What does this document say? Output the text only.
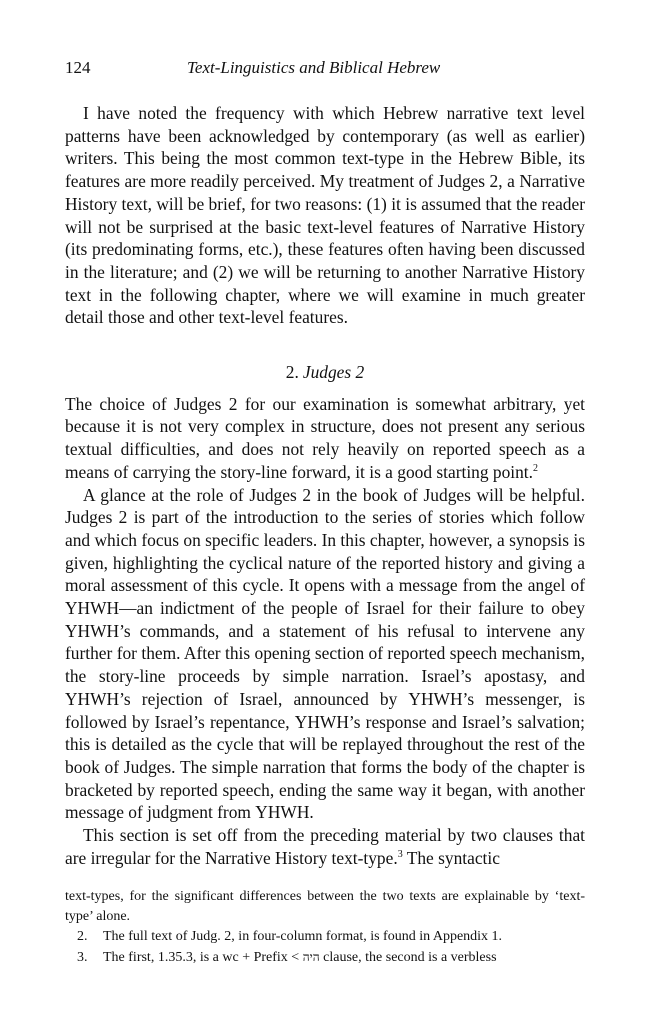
124	Text-Linguistics and Biblical Hebrew

I have noted the frequency with which Hebrew narrative text level patterns have been acknowledged by contemporary (as well as earlier) writers. This being the most common text-type in the Hebrew Bible, its features are more readily perceived. My treatment of Judges 2, a Narrative History text, will be brief, for two reasons: (1) it is assumed that the reader will not be surprised at the basic text-level features of Narrative History (its predominating forms, etc.), these features often having been discussed in the literature; and (2) we will be returning to another Narrative History text in the following chapter, where we will examine in much greater detail those and other text-level features.

2. Judges 2

The choice of Judges 2 for our examination is somewhat arbitrary, yet because it is not very complex in structure, does not present any serious textual difficulties, and does not rely heavily on reported speech as a means of carrying the story-line forward, it is a good starting point.$^2$

A glance at the role of Judges 2 in the book of Judges will be helpful. Judges 2 is part of the introduction to the series of stories which follow and which focus on specific leaders. In this chapter, however, a synopsis is given, highlighting the cyclical nature of the reported history and giving a moral assessment of this cycle. It opens with a message from the angel of YHWH—an indictment of the people of Israel for their failure to obey YHWH’s commands, and a statement of his refusal to intervene any further for them. After this opening section of reported speech mechanism, the story-line proceeds by simple narration. Israel’s apostasy, and YHWH’s rejection of Israel, announced by YHWH’s messenger, is followed by Israel’s repentance, YHWH’s response and Israel’s salvation; this is detailed as the cycle that will be replayed throughout the rest of the book of Judges. The simple narration that forms the body of the chapter is bracketed by reported speech, ending the same way it began, with another message of judgment from YHWH.

This section is set off from the preceding material by two clauses that are irregular for the Narrative History text-type.$^3$ The syntactic

text-types, for the significant differences between the two texts are explainable by ‘text-type’ alone.

2. The full text of Judg. 2, in four-column format, is found in Appendix 1.

3. The first, 1.35.3, is a wc + Prefix < היה clause, the second is a verbless
